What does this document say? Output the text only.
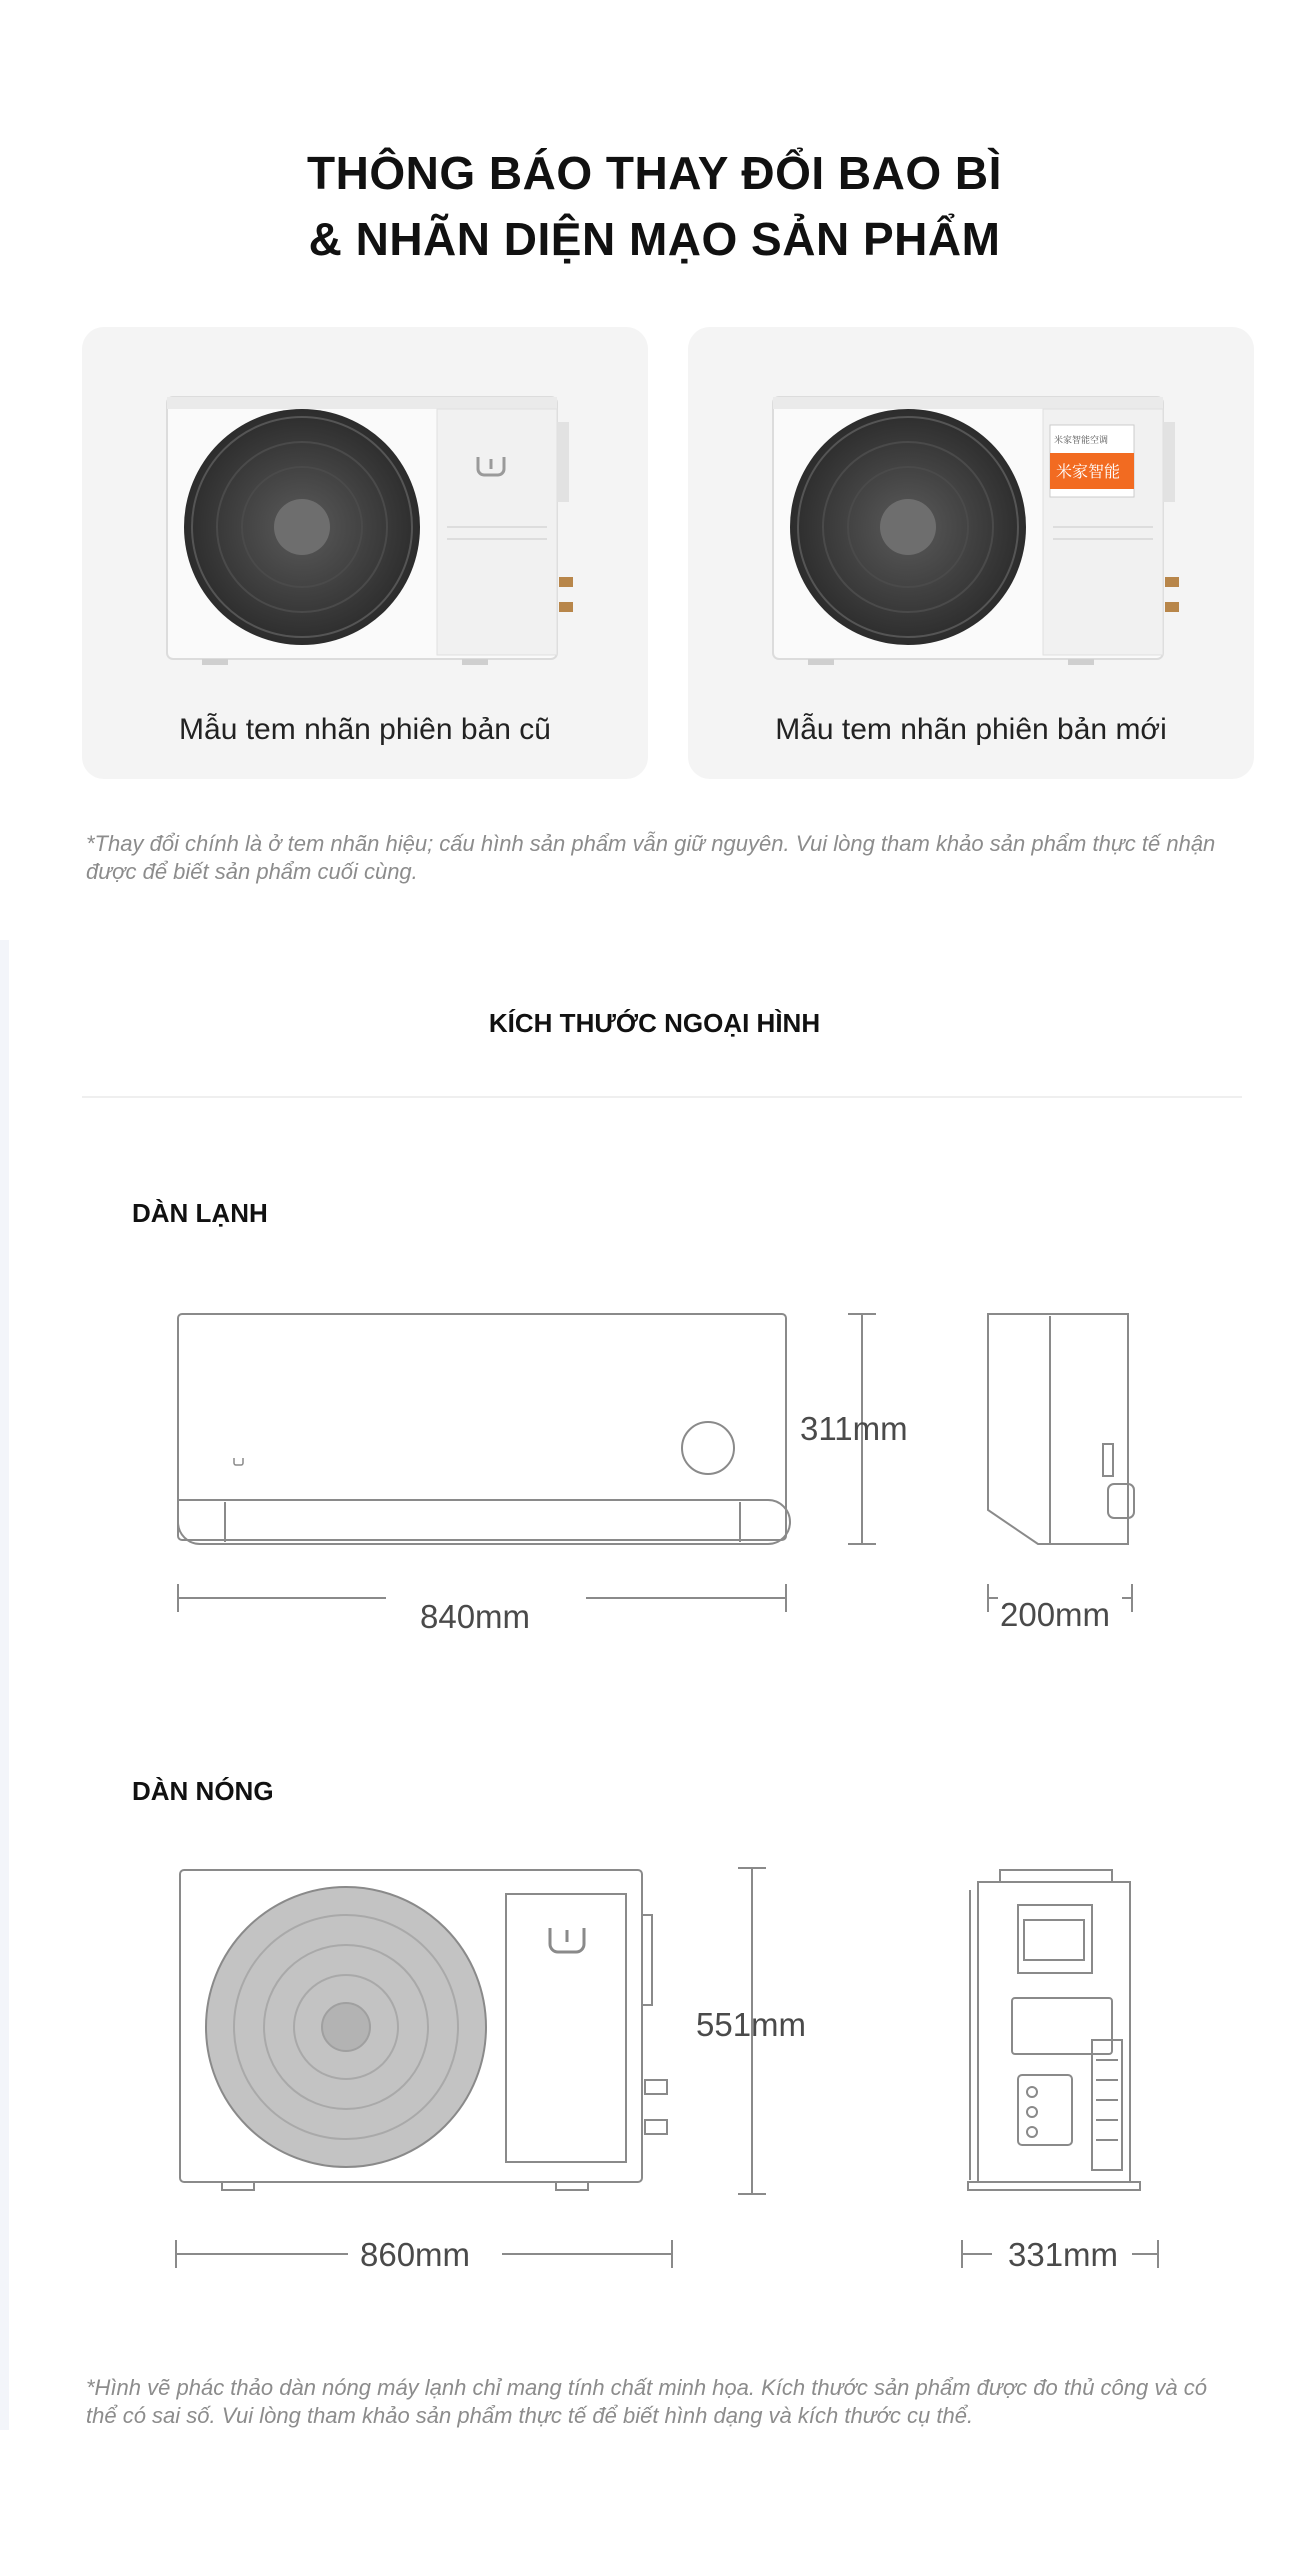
THÔNG BÁO THAY ĐỔI BAO BÌ
& NHÃN DIỆN MẠO SẢN PHẨM
Mẫu tem nhãn phiên bản cũ
米家智能空调
米家智能
Mẫu tem nhãn phiên bản mới
*Thay đổi chính là ở tem nhãn hiệu; cấu hình sản phẩm vẫn giữ nguyên. Vui lòng tham khảo sản phẩm thực tế nhận được để biết sản phẩm cuối cùng.
KÍCH THƯỚC NGOẠI HÌNH
DÀN LẠNH
DÀN NÓNG
311mm
840mm	200mm
551mm
860mm	331mm
*Hình vẽ phác thảo dàn nóng máy lạnh chỉ mang tính chất minh họa. Kích thước sản phẩm được đo thủ công và có thể có sai số. Vui lòng tham khảo sản phẩm thực tế để biết hình dạng và kích thước cụ thể.
